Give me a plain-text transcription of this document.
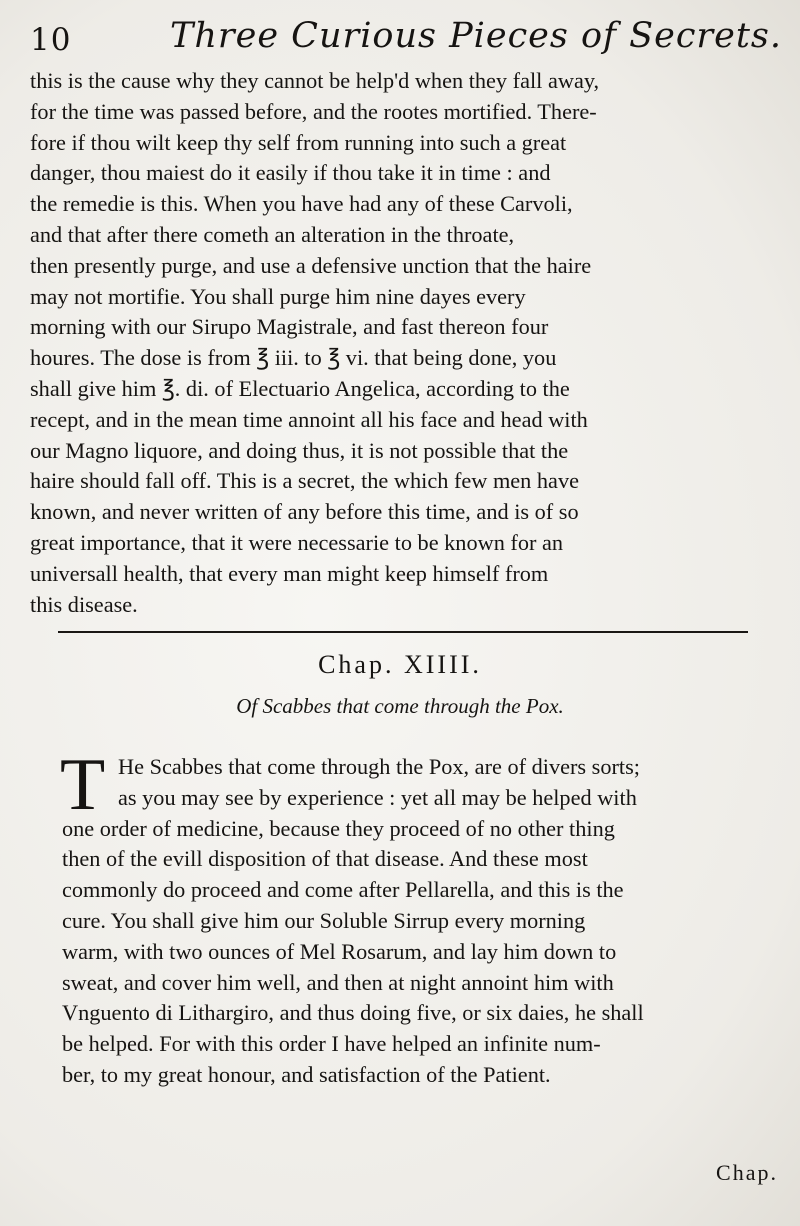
10	Three Curious Pieces of Secrets.

this is the cause why they cannot be help'd when they fall away,
for the time was passed before, and the rootes mortified. There-
fore if thou wilt keep thy self from running into such a great
danger, thou maiest do it easily if thou take it in time : and
the remedie is this. When you have had any of these Carvoli,
and that after there cometh an alteration in the throate,
then presently purge, and use a defensive unction that the haire
may not mortifie. You shall purge him nine dayes every
morning with our Sirupo Magistrale, and fast thereon four
houres. The dose is from ℥ iii. to ℥ vi. that being done, you
shall give him ℥. di. of Electuario Angelica, according to the
recept, and in the mean time annoint all his face and head with
our Magno liquore, and doing thus, it is not possible that the
haire should fall off. This is a secret, the which few men have
known, and never written of any before this time, and is of so
great importance, that it were necessarie to be known for an
universall health, that every man might keep himself from
this disease.

Chap. XIIII.
Of Scabbes that come through the Pox.
T He Scabbes that come through the Pox, are of divers sorts;
as you may see by experience : yet all may be helped with
one order of medicine, because they proceed of no other thing
then of the evill disposition of that disease. And these most
commonly do proceed and come after Pellarella, and this is the
cure. You shall give him our Soluble Sirrup every morning
warm, with two ounces of Mel Rosarum, and lay him down to
sweat, and cover him well, and then at night annoint him with
Vnguento di Lithargiro, and thus doing five, or six daies, he shall
be helped. For with this order I have helped an infinite num-
ber, to my great honour, and satisfaction of the Patient.

Chap.
